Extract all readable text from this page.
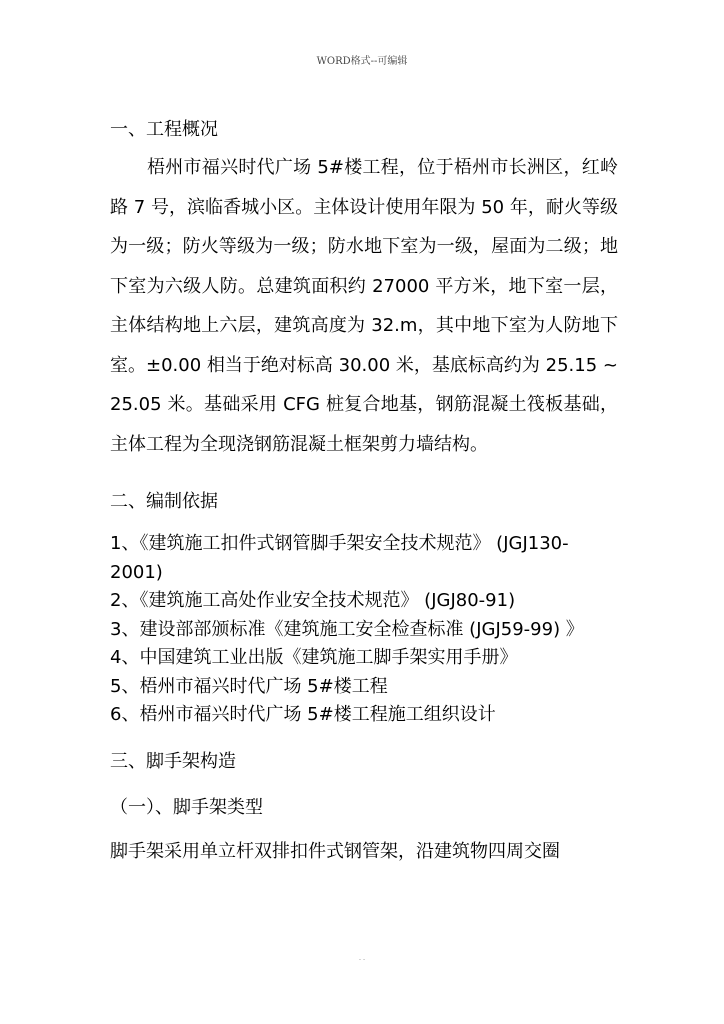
WORD格式--可编辑
一、工程概况
梧州市福兴时代广场 5#楼工程，位于梧州市长洲区，红岭路 7 号，滨临香城小区。主体设计使用年限为 50 年，耐火等级为一级；防火等级为一级；防水地下室为一级，屋面为二级；地下室为六级人防。总建筑面积约 27000 平方米，地下室一层，主体结构地上六层，建筑高度为 32.m，其中地下室为人防地下室。±0.00 相当于绝对标高 30.00 米，基底标高约为 25.15 ~ 25.05 米。基础采用 CFG 桩复合地基，钢筋混凝土筏板基础，主体工程为全现浇钢筋混凝土框架剪力墙结构。
二、编制依据
1、《建筑施工扣件式钢管脚手架安全技术规范》 (JGJ130-2001)
2、《建筑施工高处作业安全技术规范》 (JGJ80-91)
3、建设部部颁标准《建筑施工安全检查标准 (JGJ59-99) 》
4、中国建筑工业出版《建筑施工脚手架实用手册》
5、梧州市福兴时代广场 5#楼工程
6、梧州市福兴时代广场 5#楼工程施工组织设计
三、脚手架构造
（一）、脚手架类型
脚手架采用单立杆双排扣件式钢管架，沿建筑物四周交圈
- -
